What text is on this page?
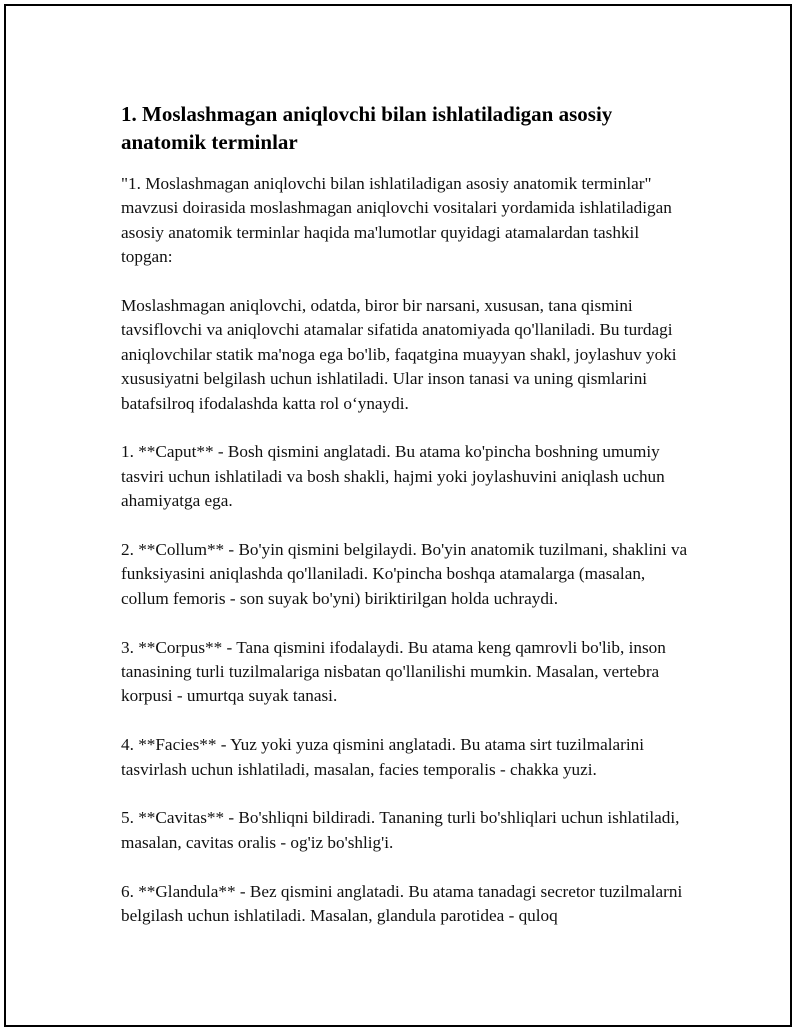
1. Moslashmagan aniqlovchi bilan ishlatiladigan asosiy anatomik terminlar

"1. Moslashmagan aniqlovchi bilan ishlatiladigan asosiy anatomik terminlar" mavzusi doirasida moslashmagan aniqlovchi vositalari yordamida ishlatiladigan asosiy anatomik terminlar haqida ma'lumotlar quyidagi atamalardan tashkil topgan:

Moslashmagan aniqlovchi, odatda, biror bir narsani, xususan, tana qismini tavsiflovchi va aniqlovchi atamalar sifatida anatomiyada qo'llaniladi. Bu turdagi aniqlovchilar statik ma'noga ega bo'lib, faqatgina muayyan shakl, joylashuv yoki xususiyatni belgilash uchun ishlatiladi. Ular inson tanasi va uning qismlarini batafsilroq ifodalashda katta rol o‘ynaydi.

1. **Caput** - Bosh qismini anglatadi. Bu atama ko'pincha boshning umumiy tasviri uchun ishlatiladi va bosh shakli, hajmi yoki joylashuvini aniqlash uchun ahamiyatga ega.

2. **Collum** - Bo'yin qismini belgilaydi. Bo'yin anatomik tuzilmani, shaklini va funksiyasini aniqlashda qo'llaniladi. Ko'pincha boshqa atamalarga (masalan, collum femoris - son suyak bo'yni) biriktirilgan holda uchraydi.

3. **Corpus** - Tana qismini ifodalaydi. Bu atama keng qamrovli bo'lib, inson tanasining turli tuzilmalariga nisbatan qo'llanilishi mumkin. Masalan, vertebra korpusi - umurtqa suyak tanasi.

4. **Facies** - Yuz yoki yuza qismini anglatadi. Bu atama sirt tuzilmalarini tasvirlash uchun ishlatiladi, masalan, facies temporalis - chakka yuzi.

5. **Cavitas** - Bo'shliqni bildiradi. Tananing turli bo'shliqlari uchun ishlatiladi, masalan, cavitas oralis - og'iz bo'shlig'i.

6. **Glandula** - Bez qismini anglatadi. Bu atama tanadagi secretor tuzilmalarni belgilash uchun ishlatiladi. Masalan, glandula parotidea - quloq
